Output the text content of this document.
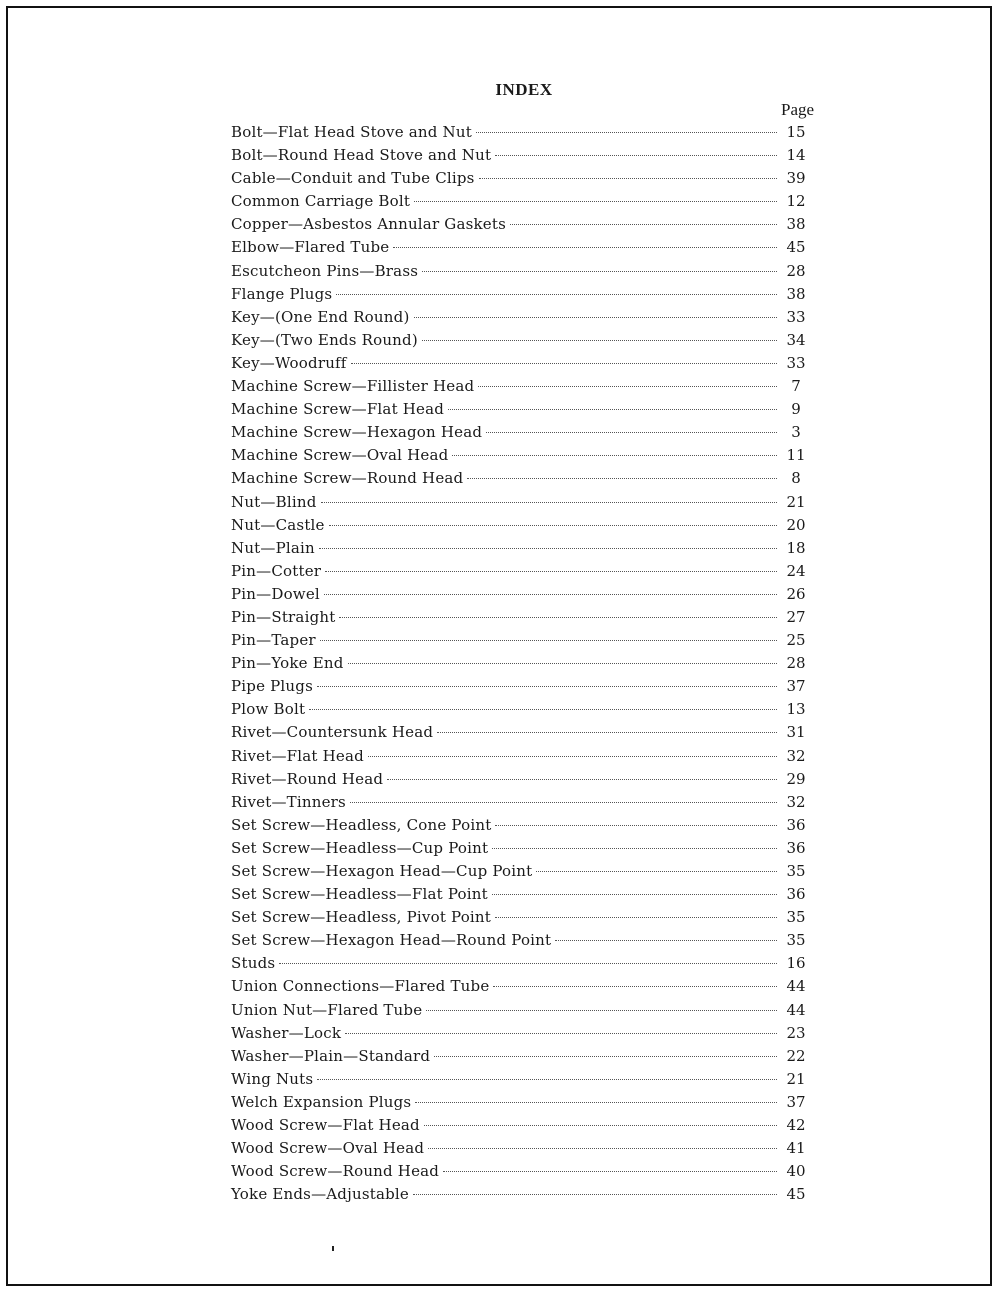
INDEX
Page
Bolt—Flat Head Stove and Nut	15
Bolt—Round Head Stove and Nut	14
Cable—Conduit and Tube Clips	39
Common Carriage Bolt	12
Copper—Asbestos Annular Gaskets	38
Elbow—Flared Tube	45
Escutcheon Pins—Brass	28
Flange Plugs	38
Key—(One End Round)	33
Key—(Two Ends Round)	34
Key—Woodruff	33
Machine Screw—Fillister Head	7
Machine Screw—Flat Head	9
Machine Screw—Hexagon Head	3
Machine Screw—Oval Head	11
Machine Screw—Round Head	8
Nut—Blind	21
Nut—Castle	20
Nut—Plain	18
Pin—Cotter	24
Pin—Dowel	26
Pin—Straight	27
Pin—Taper	25
Pin—Yoke End	28
Pipe Plugs	37
Plow Bolt	13
Rivet—Countersunk Head	31
Rivet—Flat Head	32
Rivet—Round Head	29
Rivet—Tinners	32
Set Screw—Headless, Cone Point	36
Set Screw—Headless—Cup Point	36
Set Screw—Hexagon Head—Cup Point	35
Set Screw—Headless—Flat Point	36
Set Screw—Headless, Pivot Point	35
Set Screw—Hexagon Head—Round Point	35
Studs	16
Union Connections—Flared Tube	44
Union Nut—Flared Tube	44
Washer—Lock	23
Washer—Plain—Standard	22
Wing Nuts	21
Welch Expansion Plugs	37
Wood Screw—Flat Head	42
Wood Screw—Oval Head	41
Wood Screw—Round Head	40
Yoke Ends—Adjustable	45
